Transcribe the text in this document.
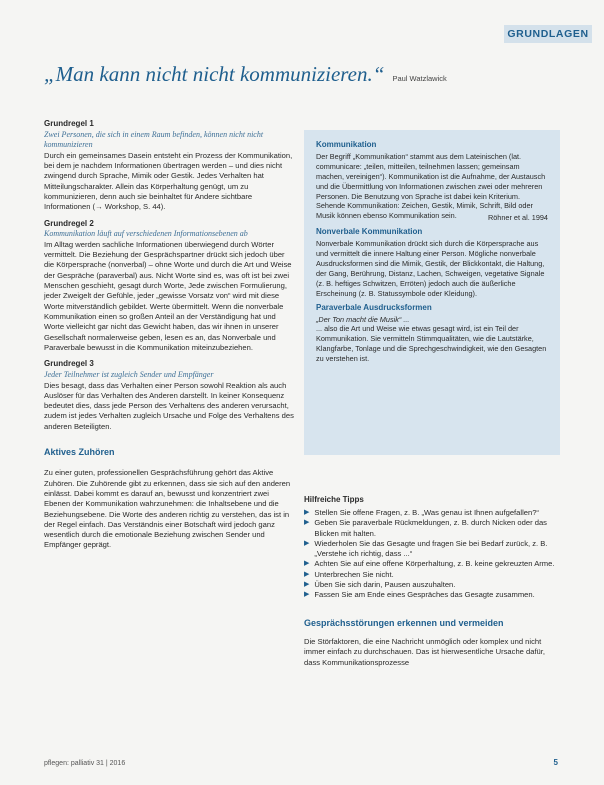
GRUNDLAGEN
„Man kann nicht nicht kommunizieren.“ Paul Watzlawick
Grundregel 1
Zwei Personen, die sich in einem Raum befinden, können nicht nicht kommunizieren

Durch ein gemeinsames Dasein entsteht ein Prozess der Kommunikation, bei dem je nachdem Informationen übertragen werden – und dies nicht zwingend durch Sprache, Mimik oder Gestik. Jedes Verhalten hat Mitteilungscharakter. Allein das Körperhaltung genügt, um zu kommunizieren, denn auch sie beinhaltet für Andere sichtbare Informationen (→ Workshop, S. 44).

Grundregel 2
Kommunikation läuft auf verschiedenen Informationsebenen ab

Im Alltag werden sachliche Informationen überwiegend durch Wörter vermittelt. Die Beziehung der Gesprächspartner drückt sich jedoch über die Körpersprache (nonverbal) – ohne Worte und durch die Art und Weise der Gespräche (paraverbal) aus. Nicht Worte sind es, was oft ist bei zwei Menschen geschieht, gesagt durch Worte, Jede zwischen Formulierung, jeder Zweigelt der Gefühle, jeder „gewisse Vorsatz von“ wird mit diese Worte mitverständlich gebildet. Werte übermittelt. Wenn die nonverbale Kommunikation einen so großen Anteil an der Verständigung hat und Worte vielleicht gar nicht das Gewicht haben, das wir ihnen in unserer Gesellschaft normalerweise geben, lesen es an, das Nonverbale und Paraverbale bewusst in die Kommunikation miteinzubeziehen.

Grundregel 3
Jeder Teilnehmer ist zugleich Sender und Empfänger

Dies besagt, dass das Verhalten einer Person sowohl Reaktion als auch Auslöser für das Verhalten des Anderen darstellt. In keiner Konsequenz bedeutet dies, dass jede Person des Verhaltens des anderen verursacht, zudem ist jedes Verhalten zugleich Ursache und Folge des Verhaltens des anderen Beteiligten.

Aktives Zuhören

Zu einer guten, professionellen Gesprächsführung gehört das Aktive Zuhören. Die Zuhörende gibt zu erkennen, dass sie sich auf den anderen einlässt. Dabei kommt es darauf an, bewusst und konzentriert zwei Ebenen der Kommunikation wahrzunehmen: die Inhaltsebene und die Beziehungsebene. Die Worte des anderen richtig zu verstehen, das ist in der Regel einfach. Das Verständnis einer Botschaft wird jedoch ganz wesentlich durch die emotionale Beziehung zwischen Sender und Empfänger geprägt.

Kommunikation

Der Begriff „Kommunikation“ stammt aus dem Lateinischen (lat. communicare: „teilen, mitteilen, teilnehmen lassen; gemeinsam machen, vereinigen“). Kommunikation ist die Aufnahme, der Austausch und die Übermittlung von Informationen zwischen zwei oder mehreren Personen. Die Benutzung von Sprache ist dabei kein Kriterium. Sehende Kommunikation: Zeichen, Gestik, Mimik, Schrift, Bild oder Musik können ebenso Kommunikation sein.	Röhner et al. 1994
Nonverbale Kommunikation

Nonverbale Kommunikation drückt sich durch die Körpersprache aus und vermittelt die innere Haltung einer Person. Mögliche nonverbale Ausdrucksformen sind die Mimik, Gestik, der Blickkontakt, die Haltung, der Gang, Berührung, Distanz, Lachen, Schweigen, vegetative Signale (z. B. heftiges Schwitzen, Erröten) jedoch auch die äußerliche Erscheinung (z. B. Statussymbole oder Kleidung).

Paraverbale Ausdrucksformen
„Der Ton macht die Musik“ ...

... also die Art und Weise wie etwas gesagt wird, ist ein Teil der Kommunikation. Sie vermitteln Stimmqualitäten, wie die Lautstärke, Klangfarbe, Tonlage und die Sprechgeschwindigkeit, wie den Gesagten zu verstehen ist.

Hilfreiche Tipps
▶ Stellen Sie offene Fragen, z. B. „Was genau ist Ihnen aufgefallen?“
▶ Geben Sie paraverbale Rückmeldungen, z. B. durch Nicken oder das Blicken mit halten.
▶ Wiederholen Sie das Gesagte und fragen Sie bei Bedarf zurück, z. B. „Verstehe ich richtig, dass ...“
▶ Achten Sie auf eine offene Körperhaltung, z. B. keine gekreuzten Arme.
▶ Unterbrechen Sie nicht.
▶ Üben Sie sich darin, Pausen auszuhalten.
▶ Fassen Sie am Ende eines Gespräches das Gesagte zusammen.
Gesprächsstörungen erkennen und vermeiden

Die Störfaktoren, die eine Nachricht unmöglich oder komplex und nicht immer einfach zu durchschauen. Das ist hierwesentliche Ursache dafür, dass Kommunikationsprozesse

pflegen: palliativ 31 | 2016	5
